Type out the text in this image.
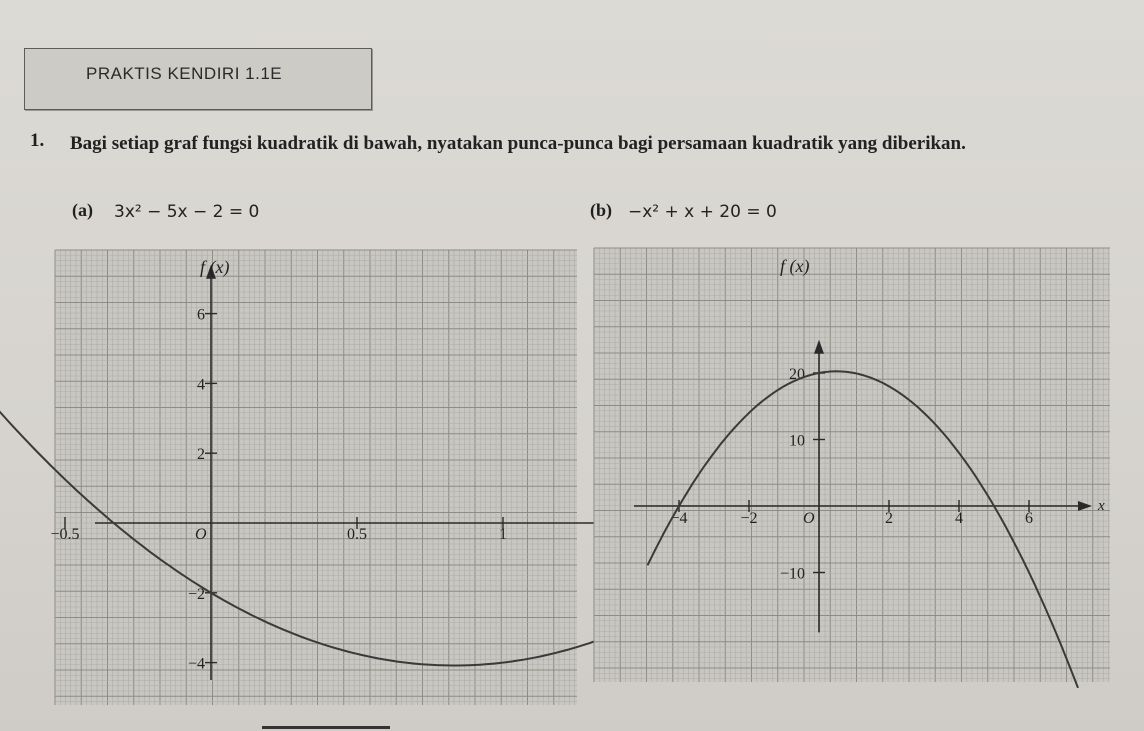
PRAKTIS KENDIRI 1.1E
1. Bagi setiap graf fungsi kuadratik di bawah, nyatakan punca-punca bagi persamaan kuadratik yang diberikan.
(a) 3x² − 5x − 2 = 0	(b) −x² + x + 20 = 0
f (x)
−0.5	0.5	1
−4
−2
2
4
6
O
f (x)
x
−4	−2	2	4	6
−10
10
20
O
